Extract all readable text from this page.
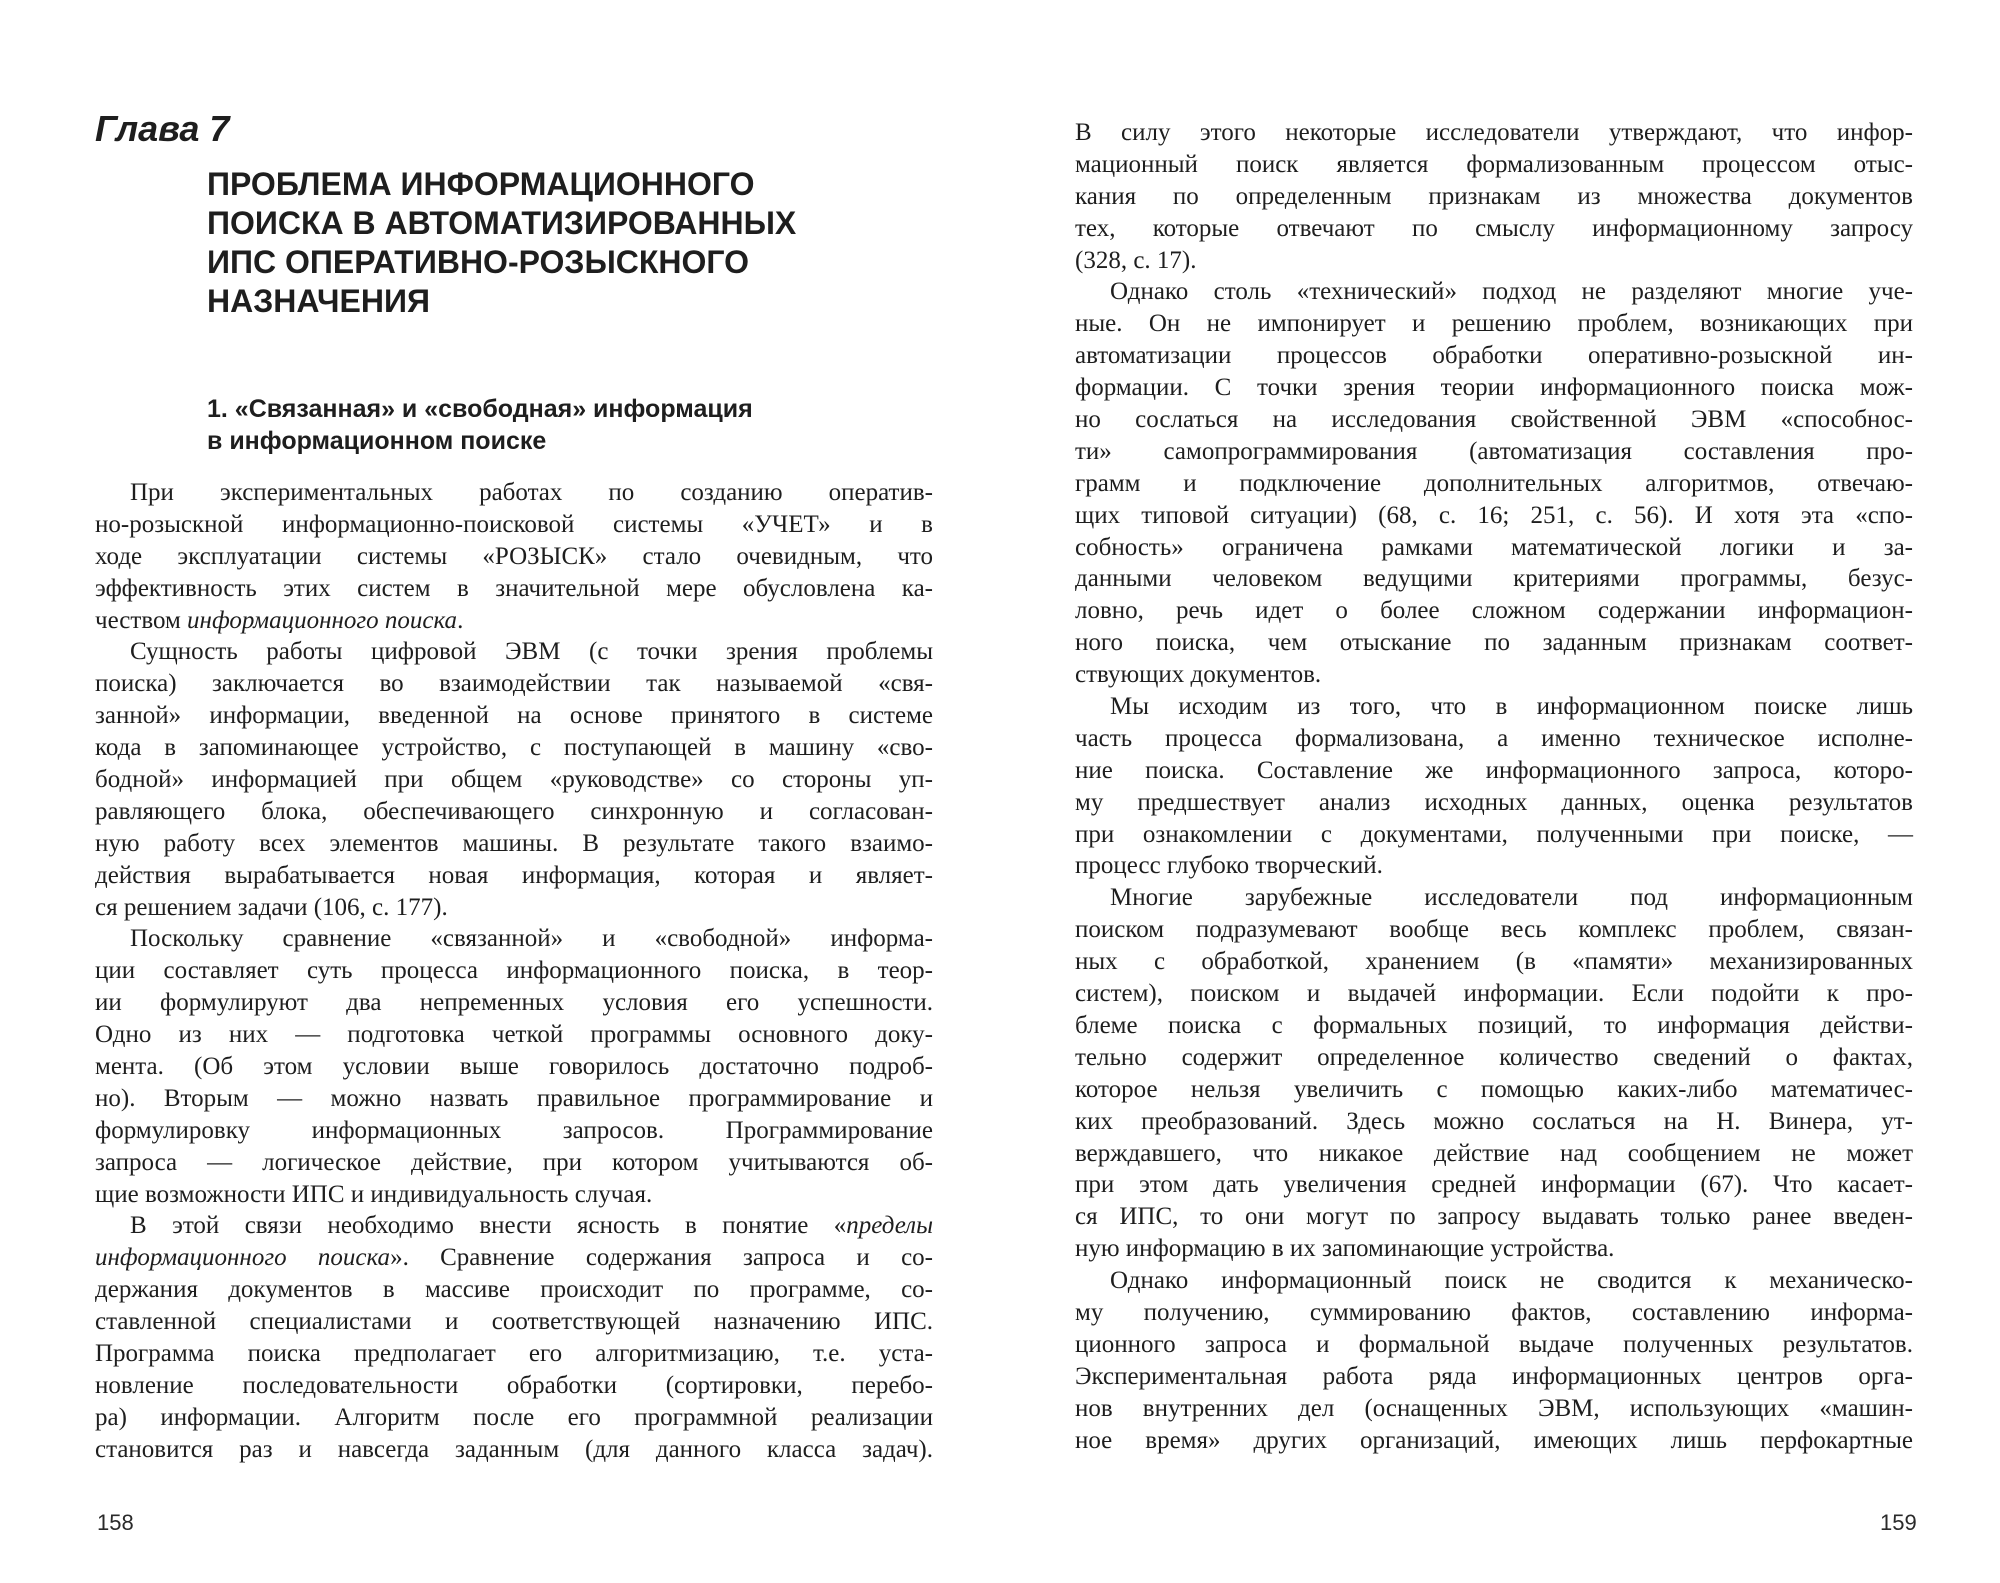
Глава 7
ПРОБЛЕМА ИНФОРМАЦИОННОГО
ПОИСКА В АВТОМАТИЗИРОВАННЫХ
ИПС ОПЕРАТИВНО-РОЗЫСКНОГО
НАЗНАЧЕНИЯ
1. «Связанная» и «свободная» информация
в информационном поиске
При экспериментальных работах по созданию оператив-
но-розыскной информационно-поисковой системы «УЧЕТ» и в
ходе эксплуатации системы «РОЗЫСК» стало очевидным, что
эффективность этих систем в значительной мере обусловлена ка-
чеством информационного поиска.
Сущность работы цифровой ЭВМ (с точки зрения проблемы
поиска) заключается во взаимодействии так называемой «свя-
занной» информации, введенной на основе принятого в системе
кода в запоминающее устройство, с поступающей в машину «сво-
бодной» информацией при общем «руководстве» со стороны уп-
равляющего блока, обеспечивающего синхронную и согласован-
ную работу всех элементов машины. В результате такого взаимо-
действия вырабатывается новая информация, которая и являет-
ся решением задачи (106, с. 177).
Поскольку сравнение «связанной» и «свободной» информа-
ции составляет суть процесса информационного поиска, в теор-
ии формулируют два непременных условия его успешности.
Одно из них — подготовка четкой программы основного доку-
мента. (Об этом условии выше говорилось достаточно подроб-
но). Вторым — можно назвать правильное программирование и
формулировку информационных запросов. Программирование
запроса — логическое действие, при котором учитываются об-
щие возможности ИПС и индивидуальность случая.
В этой связи необходимо внести ясность в понятие «пределы
информационного поиска». Сравнение содержания запроса и со-
держания документов в массиве происходит по программе, со-
ставленной специалистами и соответствующей назначению ИПС.
Программа поиска предполагает его алгоритмизацию, т.е. уста-
новление последовательности обработки (сортировки, перебо-
ра) информации. Алгоритм после его программной реализации
становится раз и навсегда заданным (для данного класса задач).
158
В силу этого некоторые исследователи утверждают, что инфор-
мационный поиск является формализованным процессом отыс-
кания по определенным признакам из множества документов
тех, которые отвечают по смыслу информационному запросу
(328, с. 17).
Однако столь «технический» подход не разделяют многие уче-
ные. Он не импонирует и решению проблем, возникающих при
автоматизации процессов обработки оперативно-розыскной ин-
формации. С точки зрения теории информационного поиска мож-
но сослаться на исследования свойственной ЭВМ «способнос-
ти» самопрограммирования (автоматизация составления про-
грамм и подключение дополнительных алгоритмов, отвечаю-
щих типовой ситуации) (68, с. 16; 251, с. 56). И хотя эта «спо-
собность» ограничена рамками математической логики и за-
данными человеком ведущими критериями программы, безус-
ловно, речь идет о более сложном содержании информацион-
ного поиска, чем отыскание по заданным признакам соответ-
ствующих документов.
Мы исходим из того, что в информационном поиске лишь
часть процесса формализована, а именно техническое исполне-
ние поиска. Составление же информационного запроса, которо-
му предшествует анализ исходных данных, оценка результатов
при ознакомлении с документами, полученными при поиске, —
процесс глубоко творческий.
Многие зарубежные исследователи под информационным
поиском подразумевают вообще весь комплекс проблем, связан-
ных с обработкой, хранением (в «памяти» механизированных
систем), поиском и выдачей информации. Если подойти к про-
блеме поиска с формальных позиций, то информация действи-
тельно содержит определенное количество сведений о фактах,
которое нельзя увеличить с помощью каких-либо математичес-
ких преобразований. Здесь можно сослаться на Н. Винера, ут-
верждавшего, что никакое действие над сообщением не может
при этом дать увеличения средней информации (67). Что касает-
ся ИПС, то они могут по запросу выдавать только ранее введен-
ную информацию в их запоминающие устройства.
Однако информационный поиск не сводится к механическо-
му получению, суммированию фактов, составлению информа-
ционного запроса и формальной выдаче полученных результатов.
Экспериментальная работа ряда информационных центров орга-
нов внутренних дел (оснащенных ЭВМ, использующих «машин-
ное время» других организаций, имеющих лишь перфокартные
159
